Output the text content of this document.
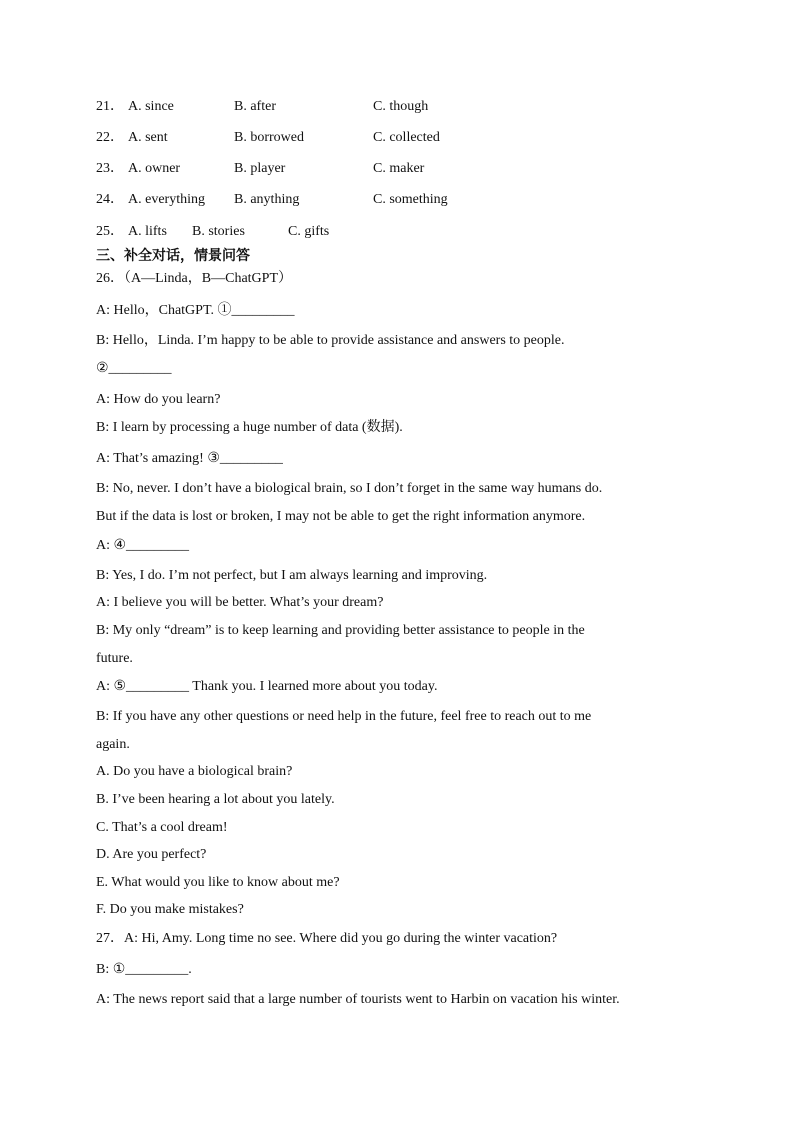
21． A. since	B. after	C. though
22． A. sent	B. borrowed	C. collected
23． A. owner	B. player	C. maker
24． A. everything B. anything	C. something
25． A. lifts B. stories	C. gifts
三、补全对话，情景问答
26．（A—Linda，B—ChatGPT）
A: Hello，ChatGPT. ①_________
B: Hello，Linda. I’m happy to be able to provide assistance and answers to people.
②_________
A: How do you learn?
B: I learn by processing a huge number of data (数据).
A: That’s amazing! ③_________
B: No, never. I don’t have a biological brain, so I don’t forget in the same way humans do.
But if the data is lost or broken, I may not be able to get the right information anymore.
A: ④_________
B: Yes, I do. I’m not perfect, but I am always learning and improving.
A: I believe you will be better. What’s your dream?
B: My only “dream” is to keep learning and providing better assistance to people in the
future.
A: ⑤_________ Thank you. I learned more about you today.
B: If you have any other questions or need help in the future, feel free to reach out to me
again.
A. Do you have a biological brain?
B. I’ve been hearing a lot about you lately.
C. That’s a cool dream!
D. Are you perfect?
E. What would you like to know about me?
F. Do you make mistakes?
27．A: Hi, Amy. Long time no see. Where did you go during the winter vacation?
B: ①_________.
A: The news report said that a large number of tourists went to Harbin on vacation his winter.
